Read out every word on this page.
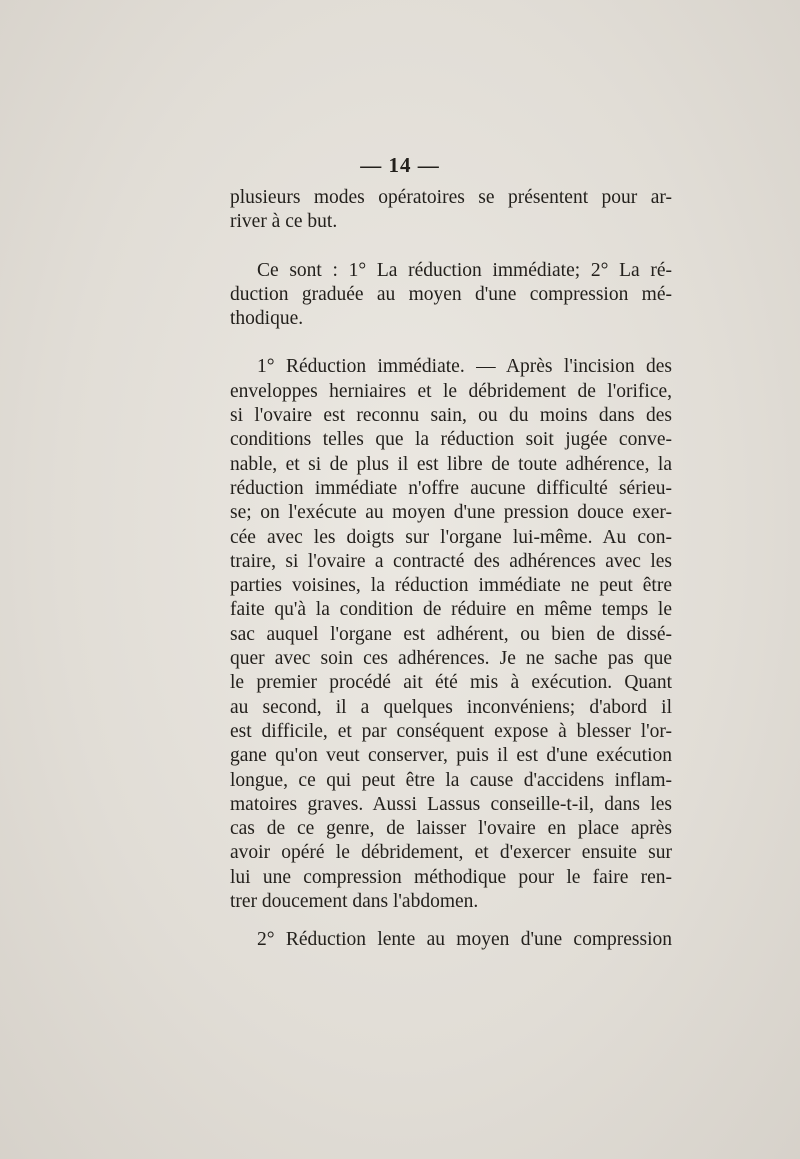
— 14 —
plusieurs modes opératoires se présentent pour ar-
river à ce but.
Ce sont : 1° La réduction immédiate; 2° La ré-
duction graduée au moyen d'une compression mé-
thodique.
1° Réduction immédiate. — Après l'incision des
enveloppes herniaires et le débridement de l'orifice,
si l'ovaire est reconnu sain, ou du moins dans des
conditions telles que la réduction soit jugée conve-
nable, et si de plus il est libre de toute adhérence, la
réduction immédiate n'offre aucune difficulté sérieu-
se; on l'exécute au moyen d'une pression douce exer-
cée avec les doigts sur l'organe lui-même. Au con-
traire, si l'ovaire a contracté des adhérences avec les
parties voisines, la réduction immédiate ne peut être
faite qu'à la condition de réduire en même temps le
sac auquel l'organe est adhérent, ou bien de dissé-
quer avec soin ces adhérences. Je ne sache pas que
le premier procédé ait été mis à exécution. Quant
au second, il a quelques inconvéniens; d'abord il
est difficile, et par conséquent expose à blesser l'or-
gane qu'on veut conserver, puis il est d'une exécution
longue, ce qui peut être la cause d'accidens inflam-
matoires graves. Aussi Lassus conseille-t-il, dans les
cas de ce genre, de laisser l'ovaire en place après
avoir opéré le débridement, et d'exercer ensuite sur
lui une compression méthodique pour le faire ren-
trer doucement dans l'abdomen.
2° Réduction lente au moyen d'une compression
